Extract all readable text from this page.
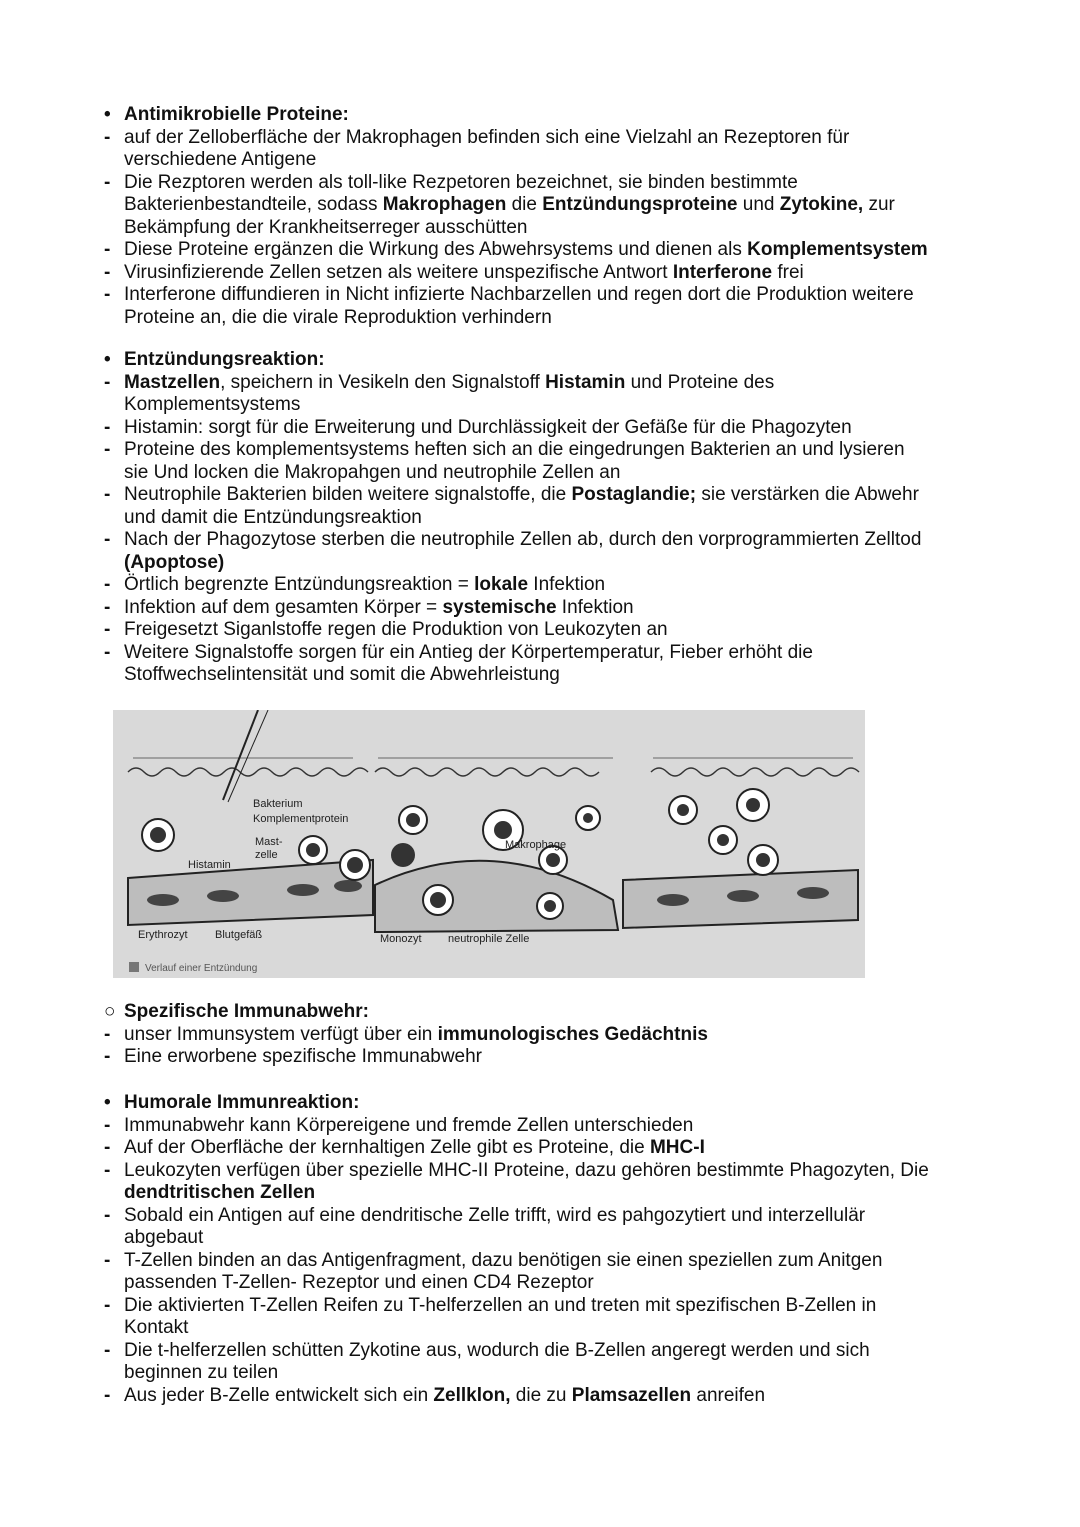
• Antimikrobielle Proteine:
- auf der Zelloberfläche der Makrophagen befinden sich eine Vielzahl an Rezeptoren für
verschiedene Antigene
- Die Rezptoren werden als toll-like Rezpetoren bezeichnet, sie binden bestimmte
Bakterienbestandteile, sodass Makrophagen die Entzündungsproteine und Zytokine, zur
Bekämpfung der Krankheitserreger ausschütten
- Diese Proteine ergänzen die Wirkung des Abwehrsystems und dienen als Komplementsystem
- Virusinfizierende Zellen setzen als weitere unspezifische Antwort Interferone frei
- Interferone diffundieren in Nicht infizierte Nachbarzellen und regen dort die Produktion weitere
Proteine an, die die virale Reproduktion verhindern
• Entzündungsreaktion:
- Mastzellen, speichern in Vesikeln den Signalstoff Histamin und Proteine des
Komplementsystems
- Histamin: sorgt für die Erweiterung und Durchlässigkeit der Gefäße für die Phagozyten
- Proteine des komplementsystems heften sich an die eingedrungen Bakterien an und lysieren
sie Und locken die Makropahgen und neutrophile Zellen an
- Neutrophile Bakterien bilden weitere signalstoffe, die Postaglandie; sie verstärken die Abwehr
und damit die Entzündungsreaktion
- Nach der Phagozytose sterben die neutrophile Zellen ab, durch den vorprogrammierten Zelltod
(Apoptose)
- Örtlich begrenzte Entzündungsreaktion = lokale Infektion
- Infektion auf dem gesamten Körper = systemische Infektion
- Freigesetzt Siganlstoffe regen die Produktion von Leukozyten an
- Weitere Signalstoffe sorgen für ein Antieg der Körpertemperatur, Fieber erhöht die
Stoffwechselintensität und somit die Abwehrleistung
Bakterium
Komplementprotein
Mast-
zelle
Histamin
Makrophage
Erythrozyt Blutgefäß	Monozyt neutrophile Zelle
Verlauf einer Entzündung
○ Spezifische Immunabwehr:
- unser Immunsystem verfügt über ein immunologisches Gedächtnis
- Eine erworbene spezifische Immunabwehr
• Humorale Immunreaktion:
- Immunabwehr kann Körpereigene und fremde Zellen unterschieden
- Auf der Oberfläche der kernhaltigen Zelle gibt es Proteine, die MHC-I
- Leukozyten verfügen über spezielle MHC-II Proteine, dazu gehören bestimmte Phagozyten, Die
dendtritischen Zellen
- Sobald ein Antigen auf eine dendritische Zelle trifft, wird es pahgozytiert und interzellulär
abgebaut
- T-Zellen binden an das Antigenfragment, dazu benötigen sie einen speziellen zum Anitgen
passenden T-Zellen- Rezeptor und einen CD4 Rezeptor
- Die aktivierten T-Zellen Reifen zu T-helferzellen an und treten mit spezifischen B-Zellen in
Kontakt
- Die t-helferzellen schütten Zykotine aus, wodurch die B-Zellen angeregt werden und sich
beginnen zu teilen
- Aus jeder B-Zelle entwickelt sich ein Zellklon, die zu Plamsazellen anreifen
